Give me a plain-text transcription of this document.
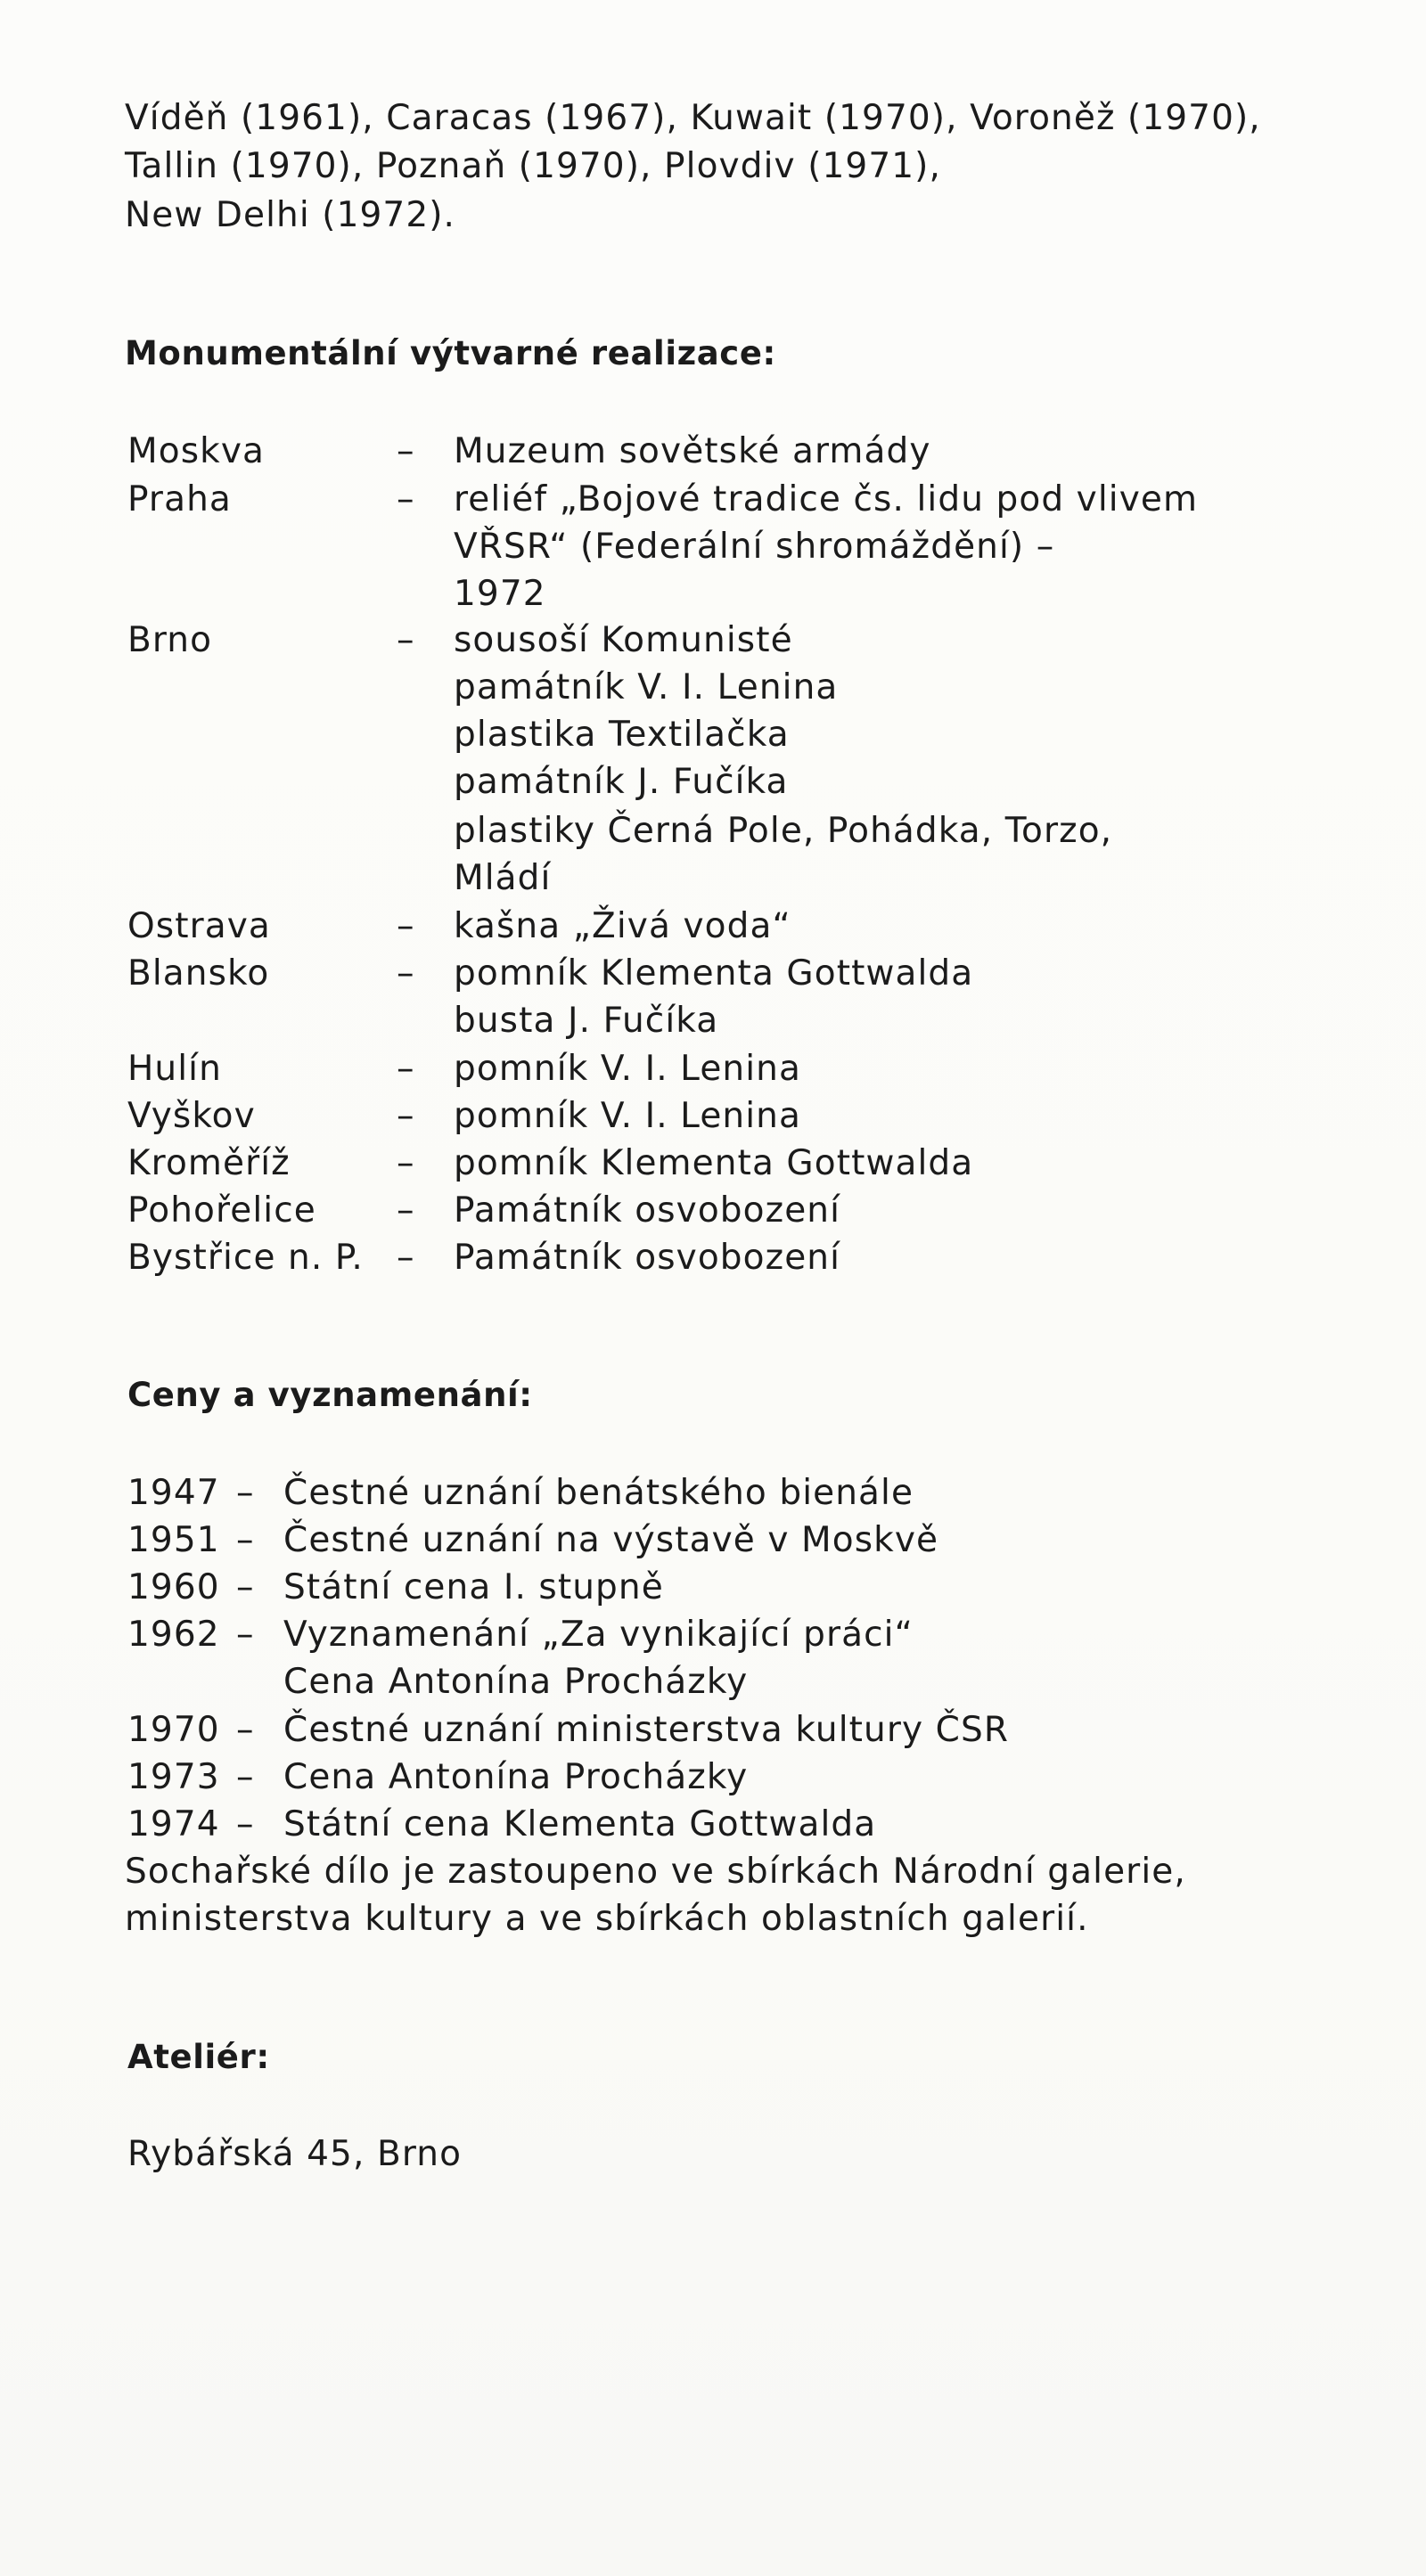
Víděň (1961), Caracas (1967), Kuwait (1970), Voroněž (1970),
Tallin (1970), Poznaň (1970), Plovdiv (1971),
New Delhi (1972).
Monumentální výtvarné realizace:
Moskva	– Muzeum sovětské armády
Praha	– reliéf „Bojové tradice čs. lidu pod vlivem
VŘSR“ (Federální shromáždění) –
1972
Brno	– sousoší Komunisté
památník V. I. Lenina
plastika Textilačka
památník J. Fučíka
plastiky Černá Pole, Pohádka, Torzo,
Mládí
Ostrava	– kašna „Živá voda“
Blansko	– pomník Klementa Gottwalda
busta J. Fučíka
Hulín	– pomník V. I. Lenina
Vyškov	– pomník V. I. Lenina
Kroměříž	– pomník Klementa Gottwalda
Pohořelice – Památník osvobození
Bystřice n. P. – Památník osvobození
Ceny a vyznamenání:
1947 – Čestné uznání benátského bienále
1951 – Čestné uznání na výstavě v Moskvě
1960 – Státní cena I. stupně
1962 – Vyznamenání „Za vynikající práci“
Cena Antonína Procházky
1970 – Čestné uznání ministerstva kultury ČSR
1973 – Cena Antonína Procházky
1974 – Státní cena Klementa Gottwalda
Sochařské dílo je zastoupeno ve sbírkách Národní galerie,
ministerstva kultury a ve sbírkách oblastních galerií.
Ateliér:
Rybářská 45, Brno
